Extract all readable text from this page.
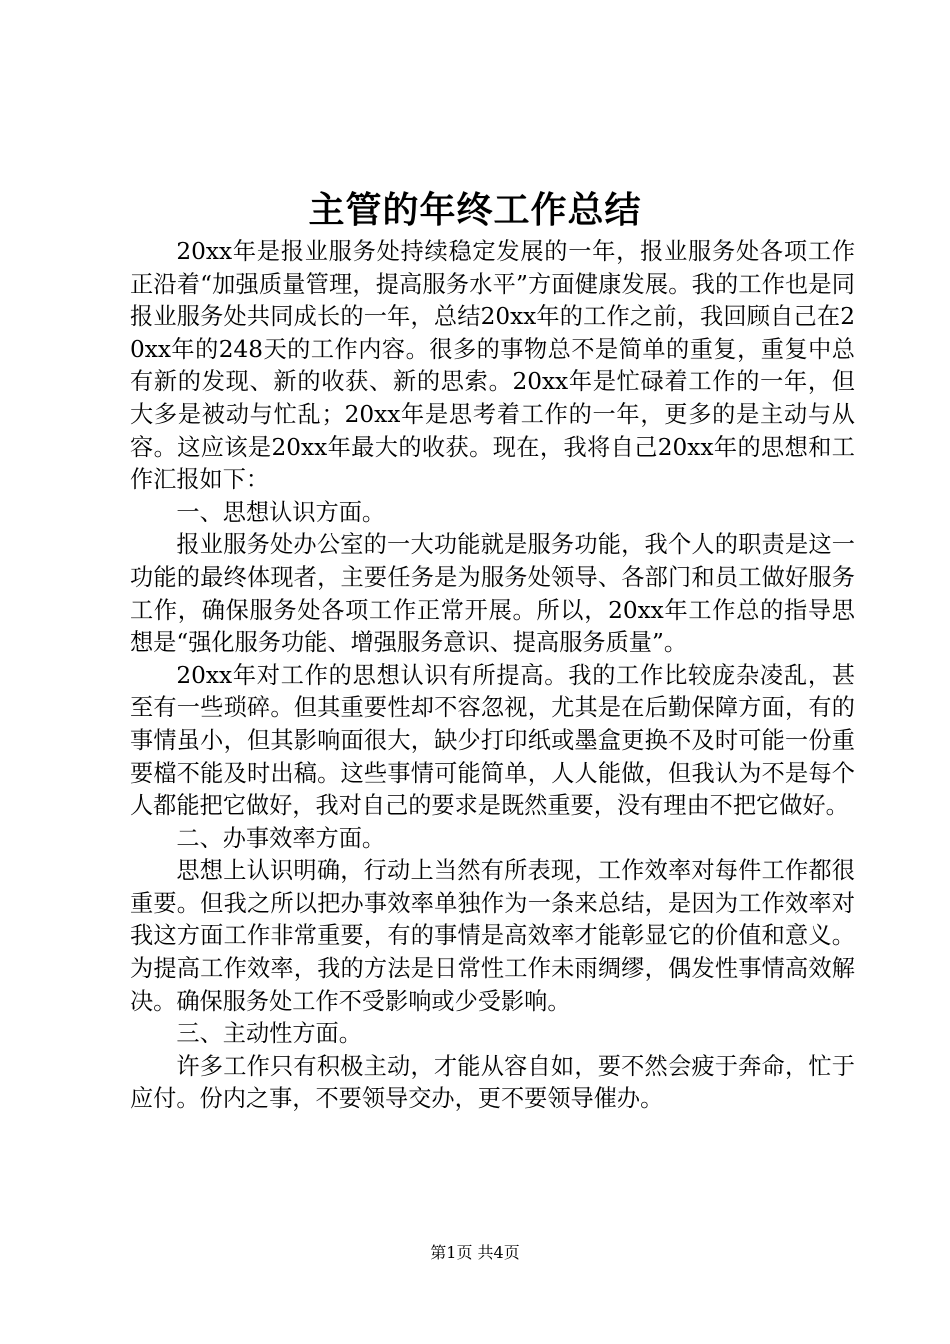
主管的年终工作总结

20xx年是报业服务处持续稳定发展的一年，报业服务处各项工作正沿着“加强质量管理，提高服务水平”方面健康发展。我的工作也是同报业服务处共同成长的一年，总结20xx年的工作之前，我回顾自己在20xx年的248天的工作内容。很多的事物总不是简单的重复，重复中总有新的发现、新的收获、新的思索。20xx年是忙碌着工作的一年，但大多是被动与忙乱；20xx年是思考着工作的一年，更多的是主动与从容。这应该是20xx年最大的收获。现在，我将自己20xx年的思想和工作汇报如下：

一、思想认识方面。

报业服务处办公室的一大功能就是服务功能，我个人的职责是这一功能的最终体现者，主要任务是为服务处领导、各部门和员工做好服务工作，确保服务处各项工作正常开展。所以，20xx年工作总的指导思想是“强化服务功能、增强服务意识、提高服务质量”。

20xx年对工作的思想认识有所提高。我的工作比较庞杂凌乱，甚至有一些琐碎。但其重要性却不容忽视，尤其是在后勤保障方面，有的事情虽小，但其影响面很大，缺少打印纸或墨盒更换不及时可能一份重要檔不能及时出稿。这些事情可能简单，人人能做，但我认为不是每个人都能把它做好，我对自己的要求是既然重要，没有理由不把它做好。

二、办事效率方面。

思想上认识明确，行动上当然有所表现，工作效率对每件工作都很重要。但我之所以把办事效率单独作为一条来总结，是因为工作效率对我这方面工作非常重要，有的事情是高效率才能彰显它的价值和意义。为提高工作效率，我的方法是日常性工作未雨绸缪，偶发性事情高效解决。确保服务处工作不受影响或少受影响。

三、主动性方面。

许多工作只有积极主动，才能从容自如，要不然会疲于奔命，忙于应付。份内之事，不要领导交办，更不要领导催办。

第1页 共4页
